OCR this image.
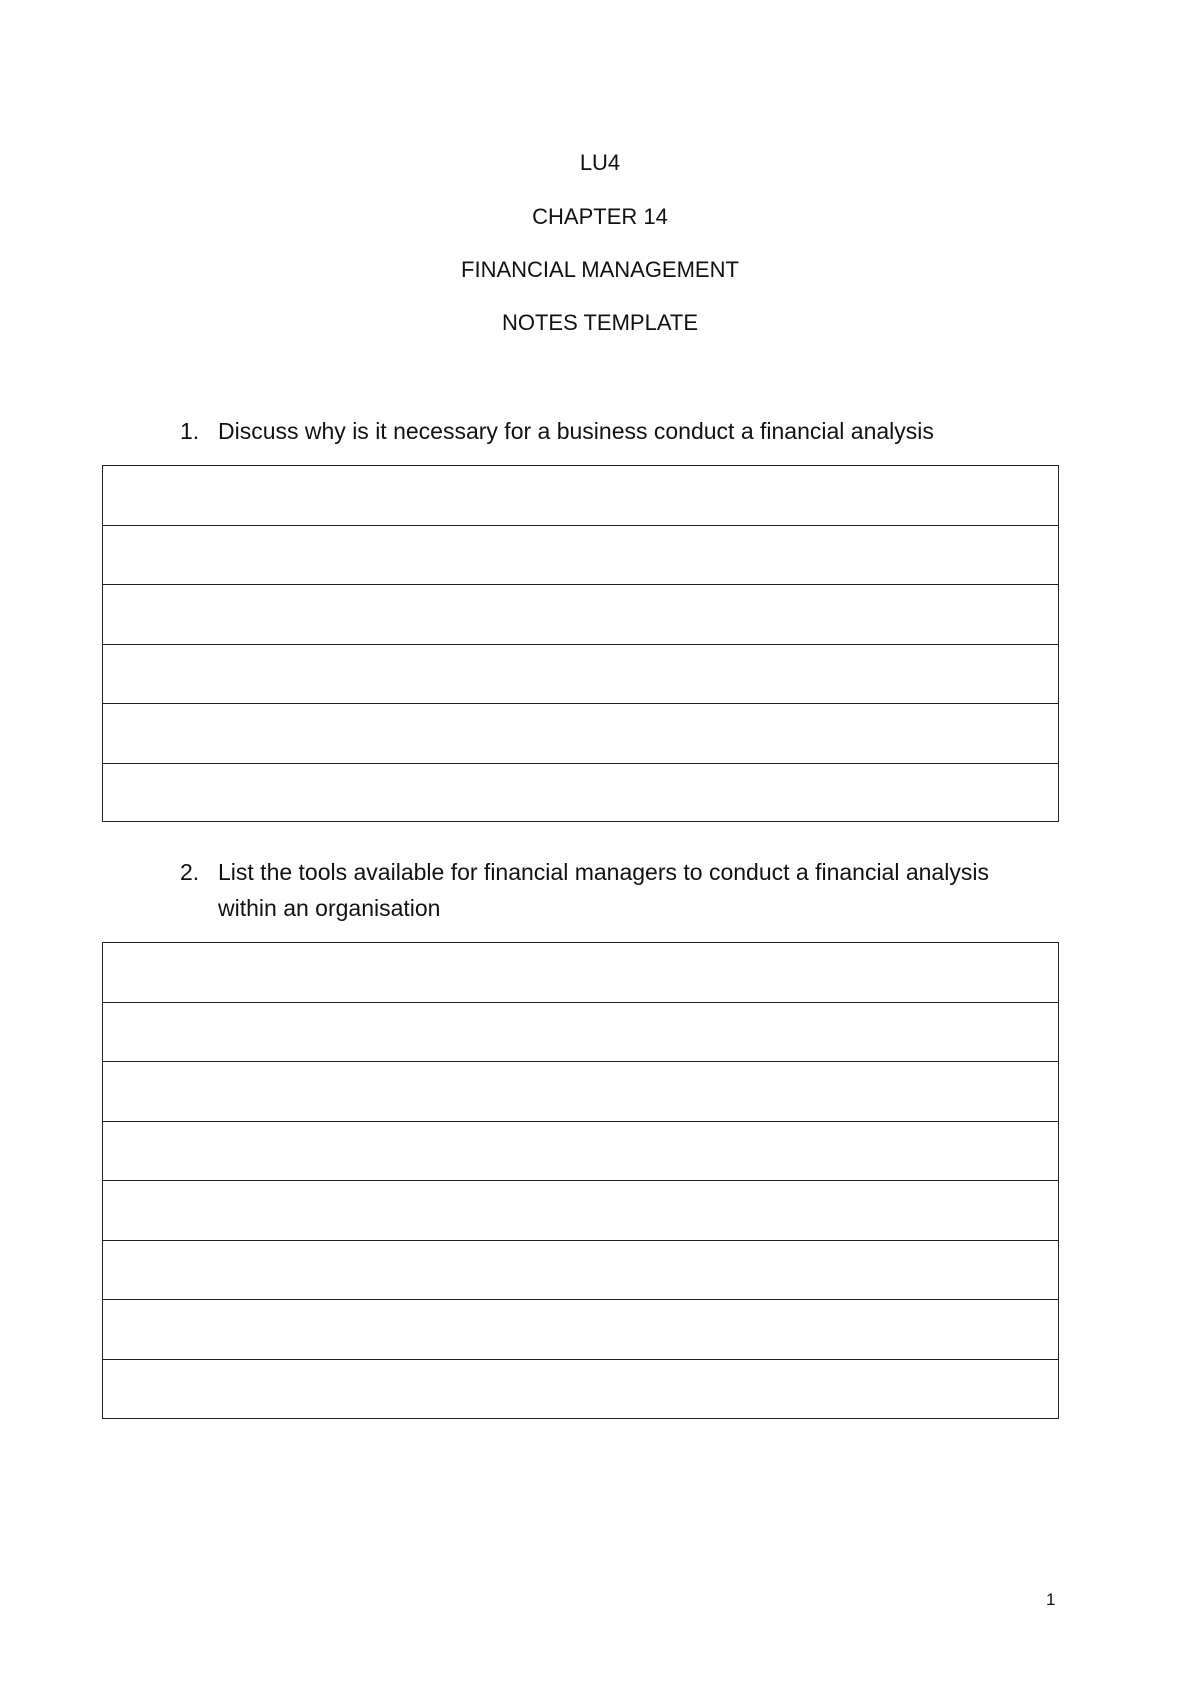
LU4
CHAPTER 14
FINANCIAL MANAGEMENT
NOTES TEMPLATE
1. Discuss why is it necessary for a business conduct a financial analysis
2. List the tools available for financial managers to conduct a financial analysis within an organisation
1
